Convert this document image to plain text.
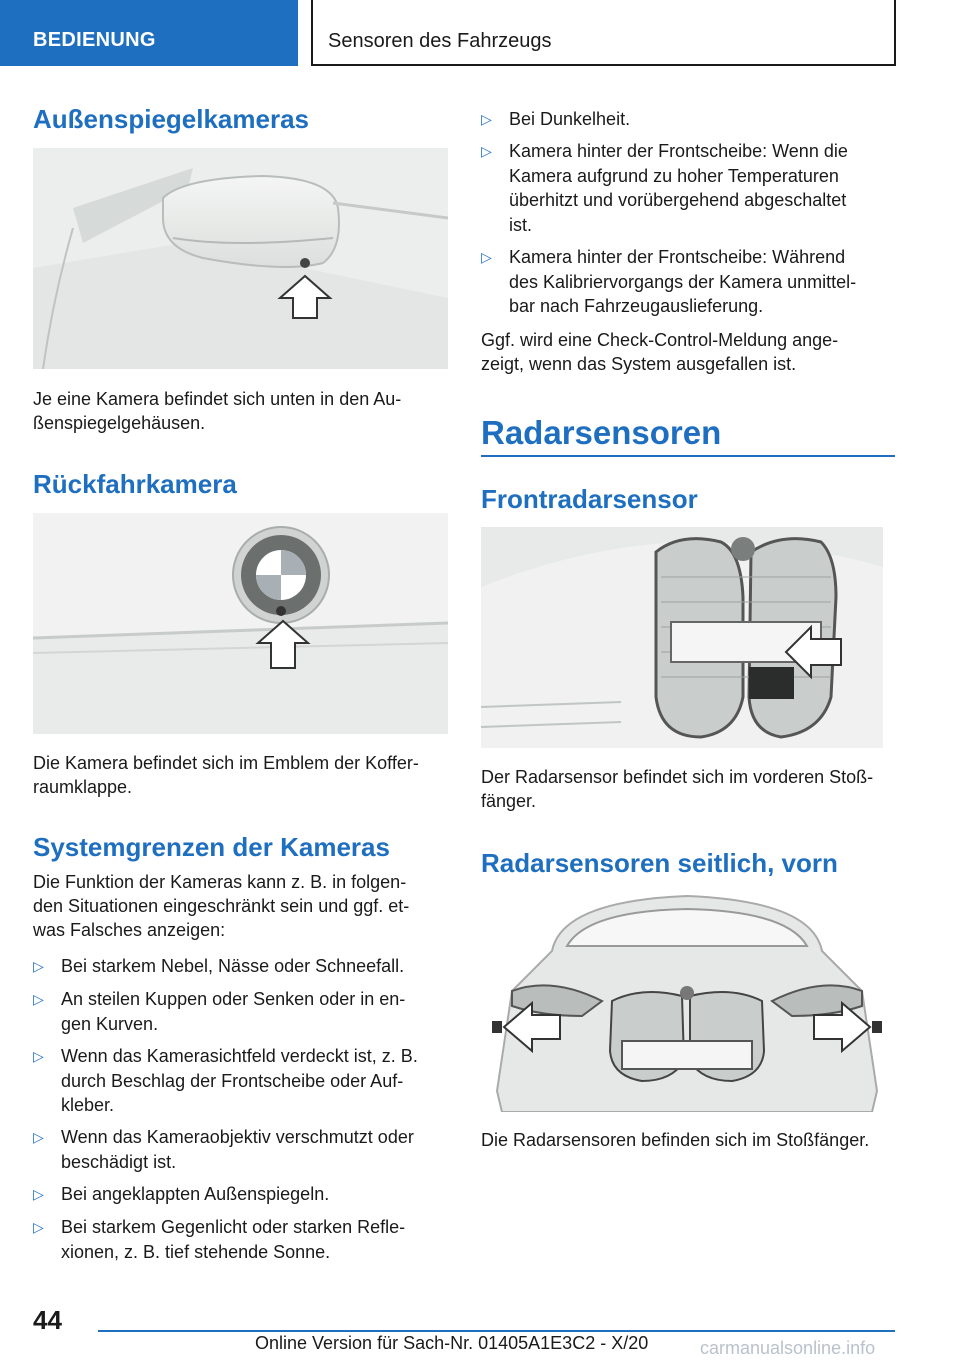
BEDIENUNG	Sensoren des Fahrzeugs
Außenspiegelkameras
Je eine Kamera befindet sich unten in den Au‐
ßenspiegelgehäusen.
Rückfahrkamera
Die Kamera befindet sich im Emblem der Koffer‐
raumklappe.
Systemgrenzen der Kameras
Die Funktion der Kameras kann z. B. in folgen‐
den Situationen eingeschränkt sein und ggf. et‐
was Falsches anzeigen:
▷ Bei starkem Nebel, Nässe oder Schneefall.
▷ An steilen Kuppen oder Senken oder in en‐
gen Kurven.
▷ Wenn das Kamerasichtfeld verdeckt ist, z. B.
durch Beschlag der Frontscheibe oder Auf‐
kleber.
▷ Wenn das Kameraobjektiv verschmutzt oder
beschädigt ist.
▷ Bei angeklappten Außenspiegeln.
▷ Bei starkem Gegenlicht oder starken Refle‐
xionen, z. B. tief stehende Sonne.
▷ Bei Dunkelheit.
▷ Kamera hinter der Frontscheibe: Wenn die
Kamera aufgrund zu hoher Temperaturen
überhitzt und vorübergehend abgeschaltet
ist.
▷ Kamera hinter der Frontscheibe: Während
des Kalibriervorgangs der Kamera unmittel‐
bar nach Fahrzeugauslieferung.
Ggf. wird eine Check-Control-Meldung ange‐
zeigt, wenn das System ausgefallen ist.
Radarsensoren
Frontradarsensor
Der Radarsensor befindet sich im vorderen Stoß‐
fänger.
Radarsensoren seitlich, vorn
Die Radarsensoren befinden sich im Stoßfänger.
44
Online Version für Sach-Nr. 01405A1E3C2 - X/20	carmanualsonline.info
